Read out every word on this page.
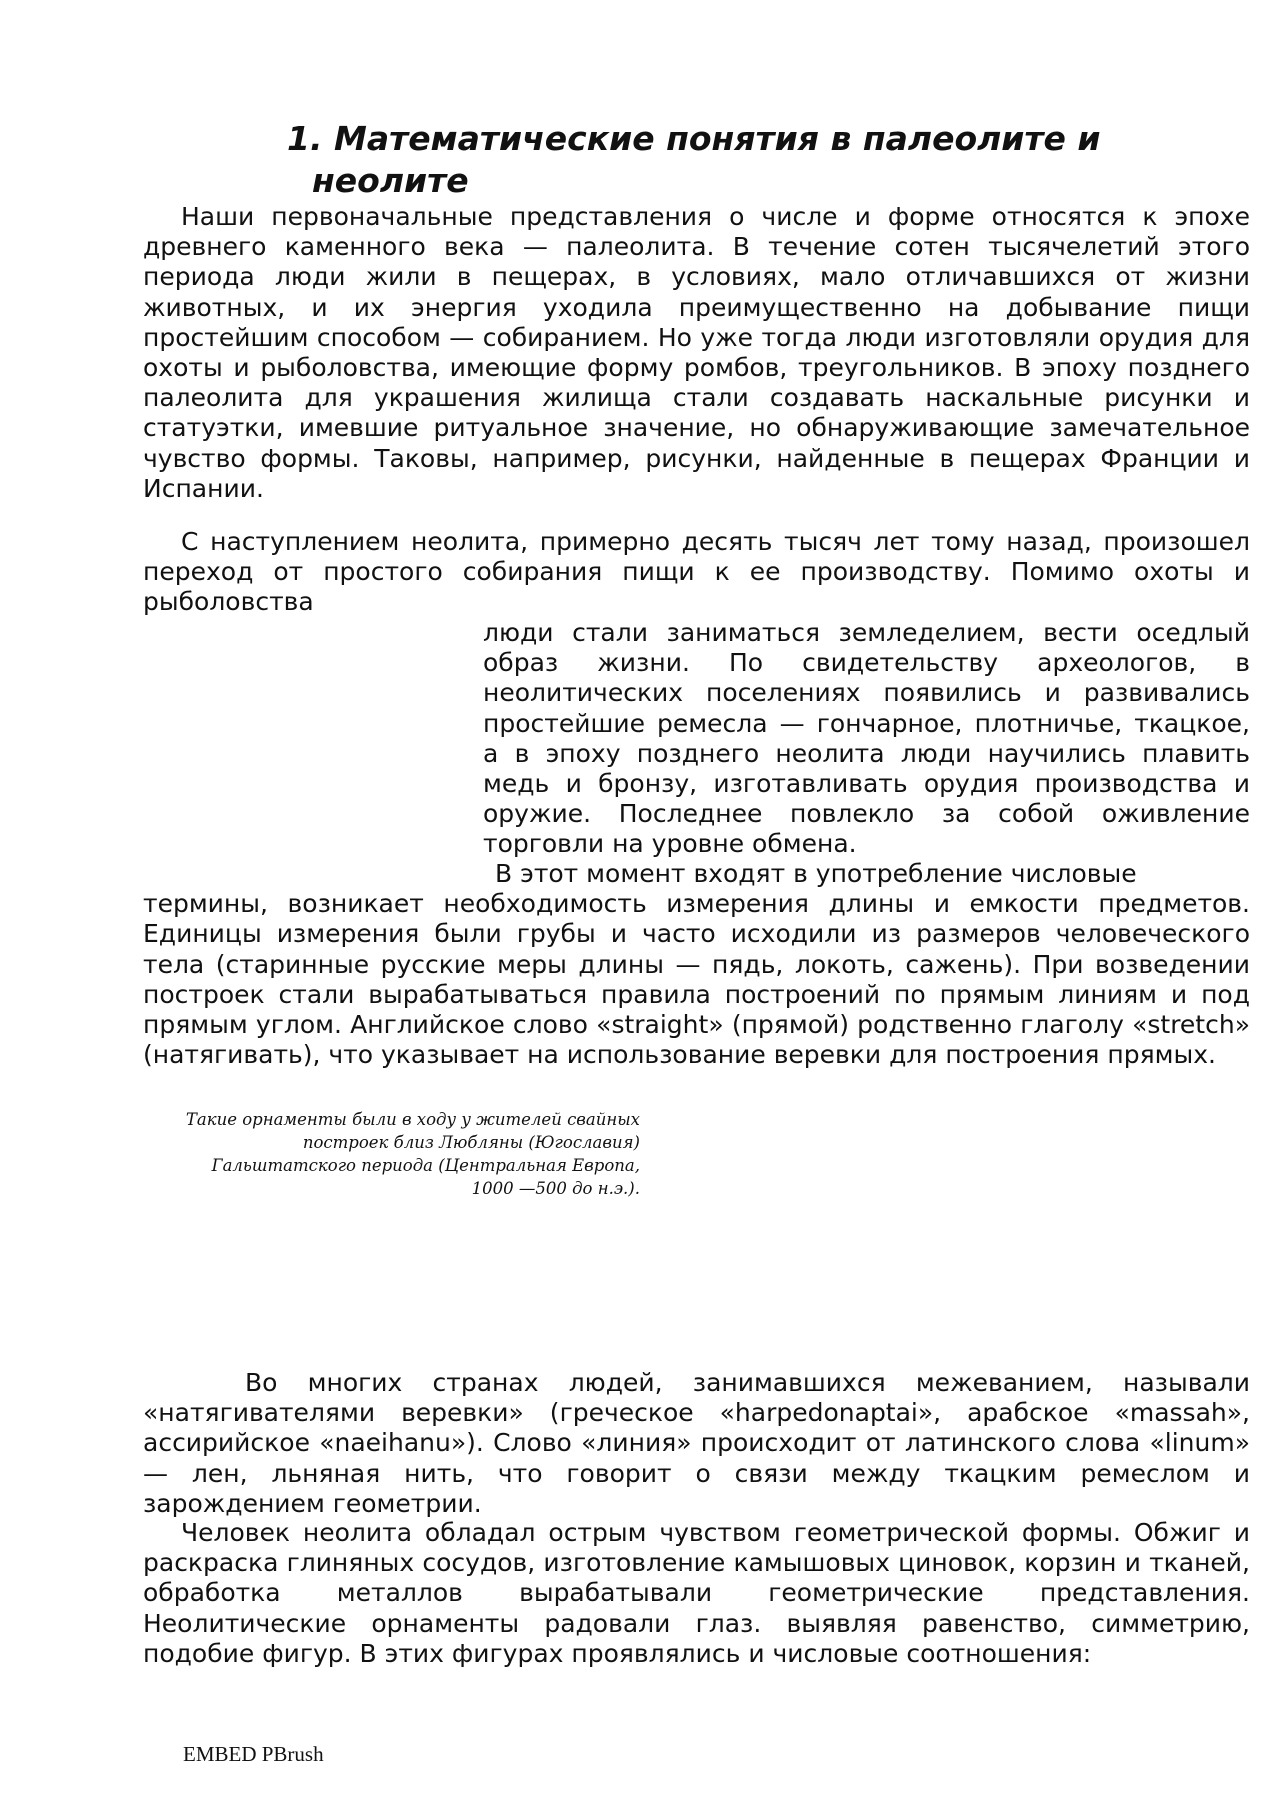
1. Математические понятия в палеолите и
неолите

Наши первоначальные представления о числе и форме относятся к эпохе древнего каменного века — палеолита. В течение сотен тысячелетий этого периода люди жили в пещерах, в условиях, мало отличавшихся от жизни животных, и их энергия уходила преимущественно на добывание пищи простейшим способом — собиранием. Но уже тогда люди изготовляли орудия для охоты и рыболовства, имеющие форму ромбов, треугольников. В эпоху позднего палеолита для украшения жилища стали создавать наскальные рисунки и статуэтки, имевшие ритуальное значение, но обнаруживающие замечательное чувство формы. Таковы, например, рисунки, найденные в пещерах Франции и Испании.

С наступлением неолита, примерно десять тысяч лет тому назад, произошел переход от простого собирания пищи к ее производству. Помимо охоты и рыболовства

люди стали заниматься земледелием, вести оседлый образ жизни. По свидетельству археологов, в неолитических поселениях появились и развивались простейшие ремесла — гончарное, плотничье, ткацкое, а в эпоху позднего неолита люди научились плавить медь и бронзу, изготавливать орудия производства и оружие. Последнее повлекло за собой оживление торговли на уровне обмена.

В этот момент входят в употребление числовые
термины, возникает необходимость измерения длины и емкости предметов. Единицы измерения были грубы и часто исходили из размеров человеческого тела (старинные русские меры длины — пядь, локоть, сажень). При возведении построек стали вырабатываться правила построений по прямым линиям и под прямым углом. Английское слово «straight» (прямой) родственно глаголу «stretch» (натягивать), что указывает на использование веревки для построения прямых.

Такие орнаменты были в ходу у жителей свайных построек близ Любляны (Югославия) Гальштатского периода (Центральная Европа, 1000 —500 до н.э.).

Во многих странах людей, занимавшихся межеванием, называли «натягивателями веревки» (греческое «harpedonaptai», арабское «massah», ассирийское «naeihanu»). Слово «линия» происходит от латинского слова «linum» — лен, льняная нить, что говорит о связи между ткацким ремеслом и зарождением геометрии.

Человек неолита обладал острым чувством геометрической формы. Обжиг и раскраска глиняных сосудов, изготовление камышовых циновок, корзин и тканей, обработка металлов вырабатывали геометрические представления. Неолитические орнаменты радовали глаз. выявляя равенство, симметрию, подобие фигур. В этих фигурах проявлялись и числовые соотношения:

EMBED PBrush
